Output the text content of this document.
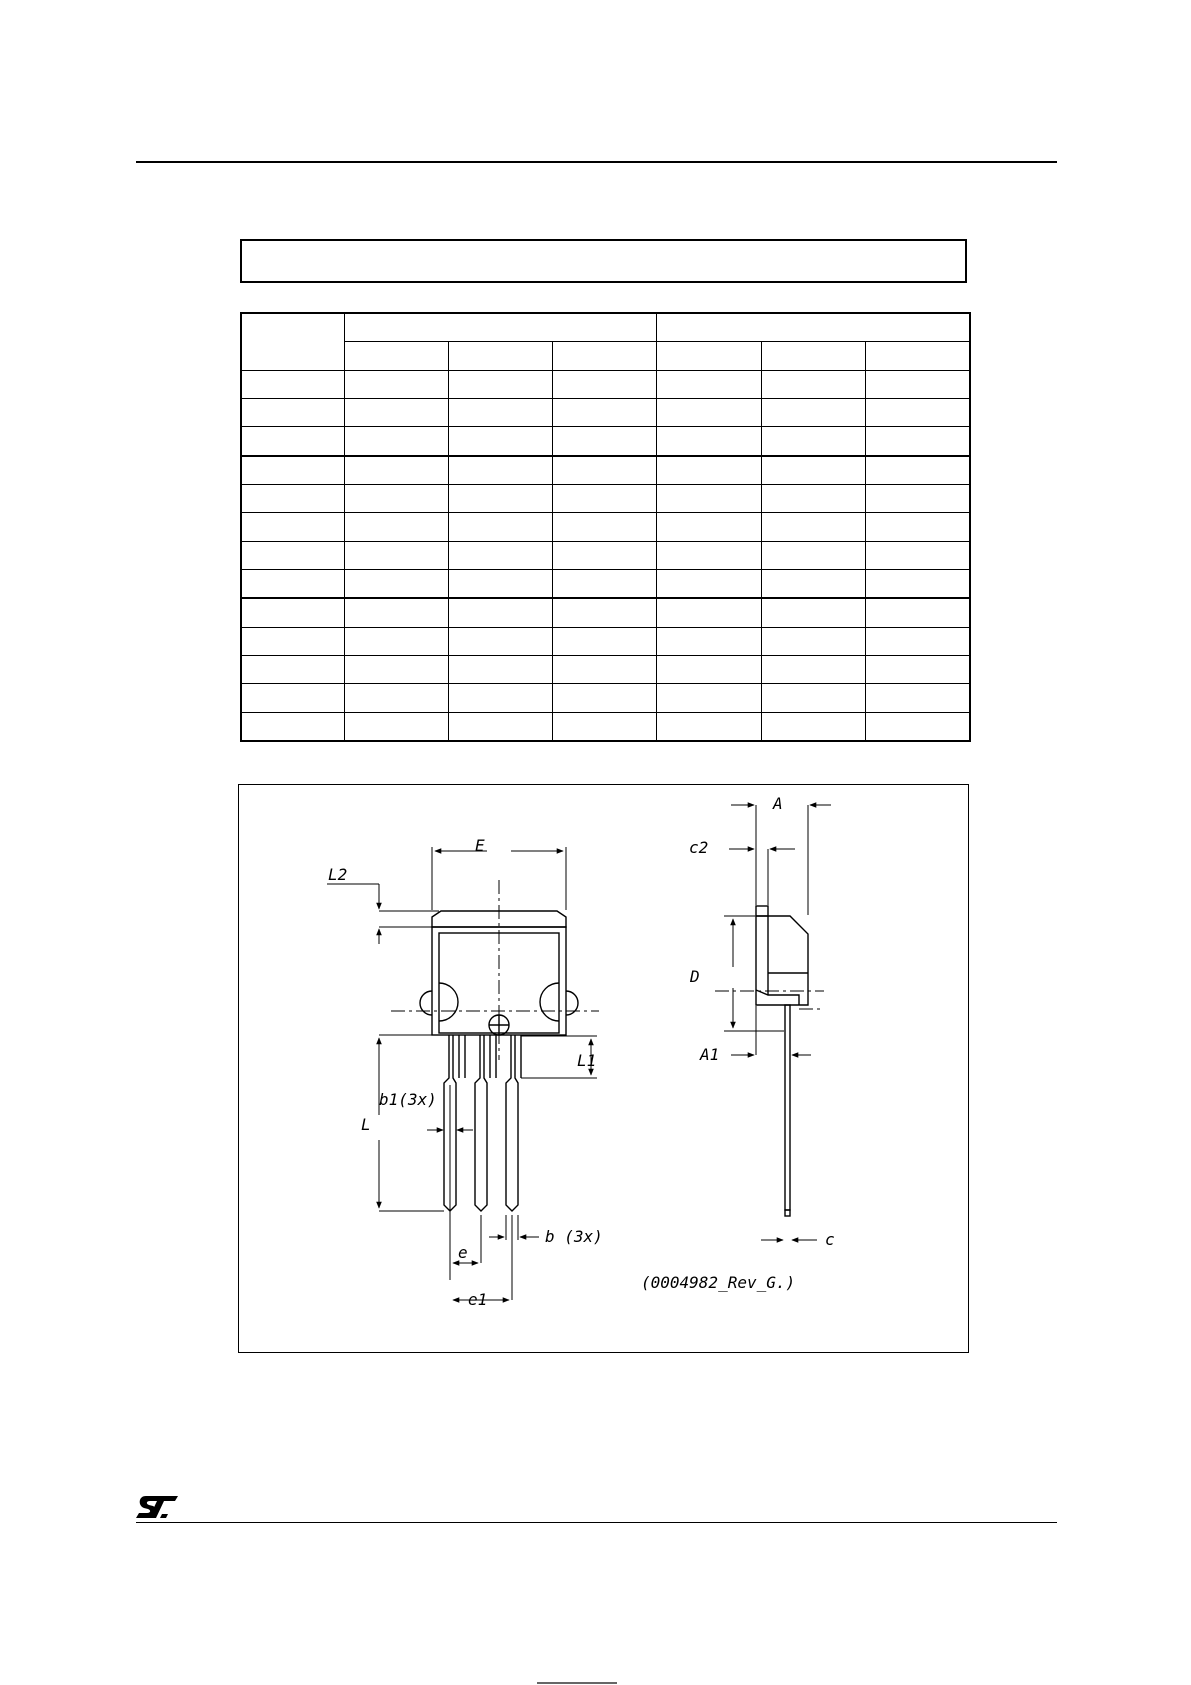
E
L2
L1
b1(3x)
L
b (3x)
e
e1
A
c2
D
A1
c
(0004982_Rev_G.)
